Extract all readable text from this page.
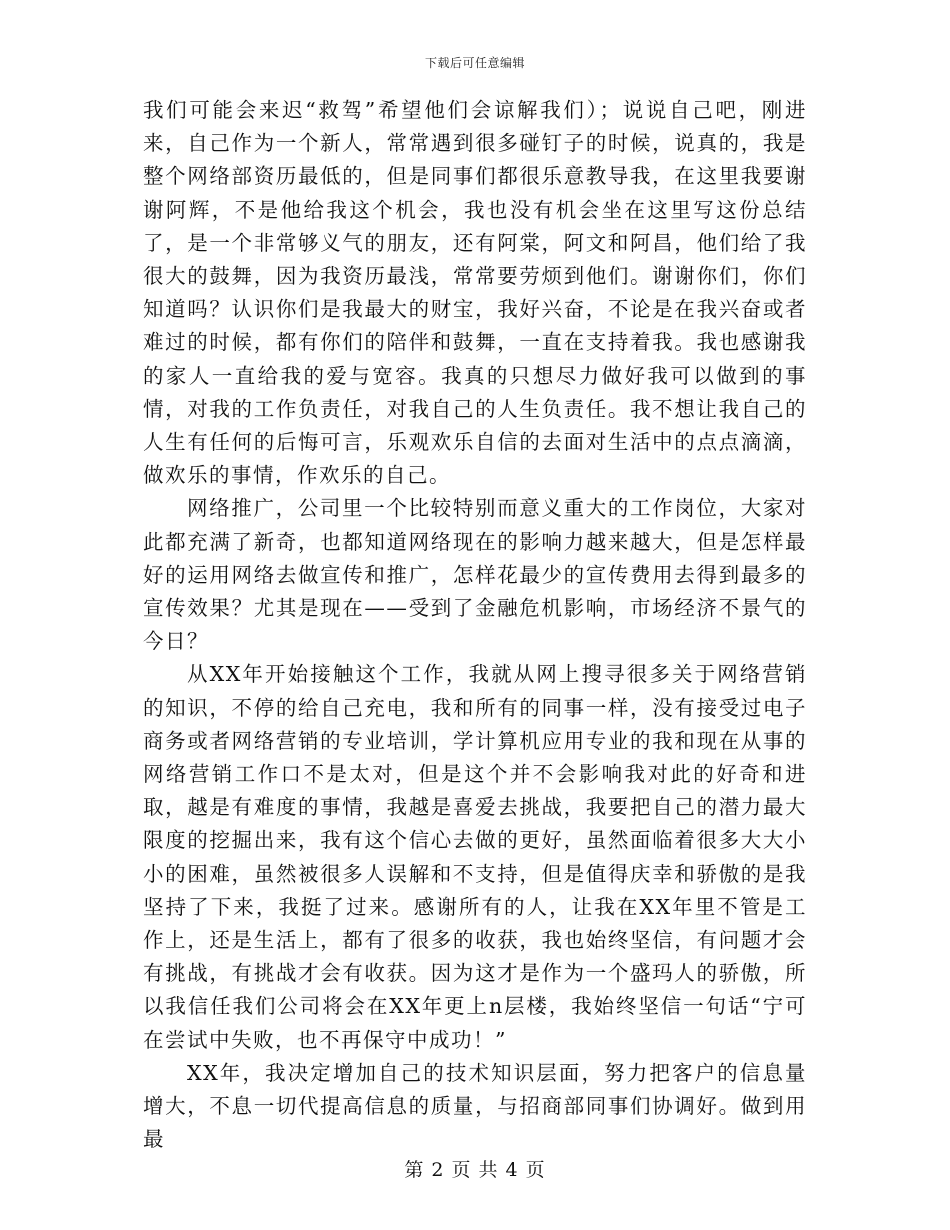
下载后可任意编辑

我们可能会来迟“救驾”希望他们会谅解我们）；说说自己吧，刚进来，自己作为一个新人，常常遇到很多碰钉子的时候，说真的，我是整个网络部资历最低的，但是同事们都很乐意教导我，在这里我要谢谢阿辉，不是他给我这个机会，我也没有机会坐在这里写这份总结了，是一个非常够义气的朋友，还有阿棠，阿文和阿昌，他们给了我很大的鼓舞，因为我资历最浅，常常要劳烦到他们。谢谢你们，你们知道吗？认识你们是我最大的财宝，我好兴奋，不论是在我兴奋或者难过的时候，都有你们的陪伴和鼓舞，一直在支持着我。我也感谢我的家人一直给我的爱与宽容。我真的只想尽力做好我可以做到的事情，对我的工作负责任，对我自己的人生负责任。我不想让我自己的人生有任何的后悔可言，乐观欢乐自信的去面对生活中的点点滴滴，做欢乐的事情，作欢乐的自己。

网络推广，公司里一个比较特别而意义重大的工作岗位，大家对此都充满了新奇，也都知道网络现在的影响力越来越大，但是怎样最好的运用网络去做宣传和推广，怎样花最少的宣传费用去得到最多的宣传效果？尤其是现在——受到了金融危机影响，市场经济不景气的今日？

从XX年开始接触这个工作，我就从网上搜寻很多关于网络营销的知识，不停的给自己充电，我和所有的同事一样，没有接受过电子商务或者网络营销的专业培训，学计算机应用专业的我和现在从事的网络营销工作口不是太对，但是这个并不会影响我对此的好奇和进取，越是有难度的事情，我越是喜爱去挑战，我要把自己的潜力最大限度的挖掘出来，我有这个信心去做的更好，虽然面临着很多大大小小的困难，虽然被很多人误解和不支持，但是值得庆幸和骄傲的是我坚持了下来，我挺了过来。感谢所有的人，让我在XX年里不管是工作上，还是生活上，都有了很多的收获，我也始终坚信，有问题才会有挑战，有挑战才会有收获。因为这才是作为一个盛玛人的骄傲，所以我信任我们公司将会在XX年更上n层楼，我始终坚信一句话“宁可在尝试中失败，也不再保守中成功！”

XX年，我决定增加自己的技术知识层面，努力把客户的信息量增大，不息一切代提高信息的质量，与招商部同事们协调好。做到用最

第 2 页 共 4 页
